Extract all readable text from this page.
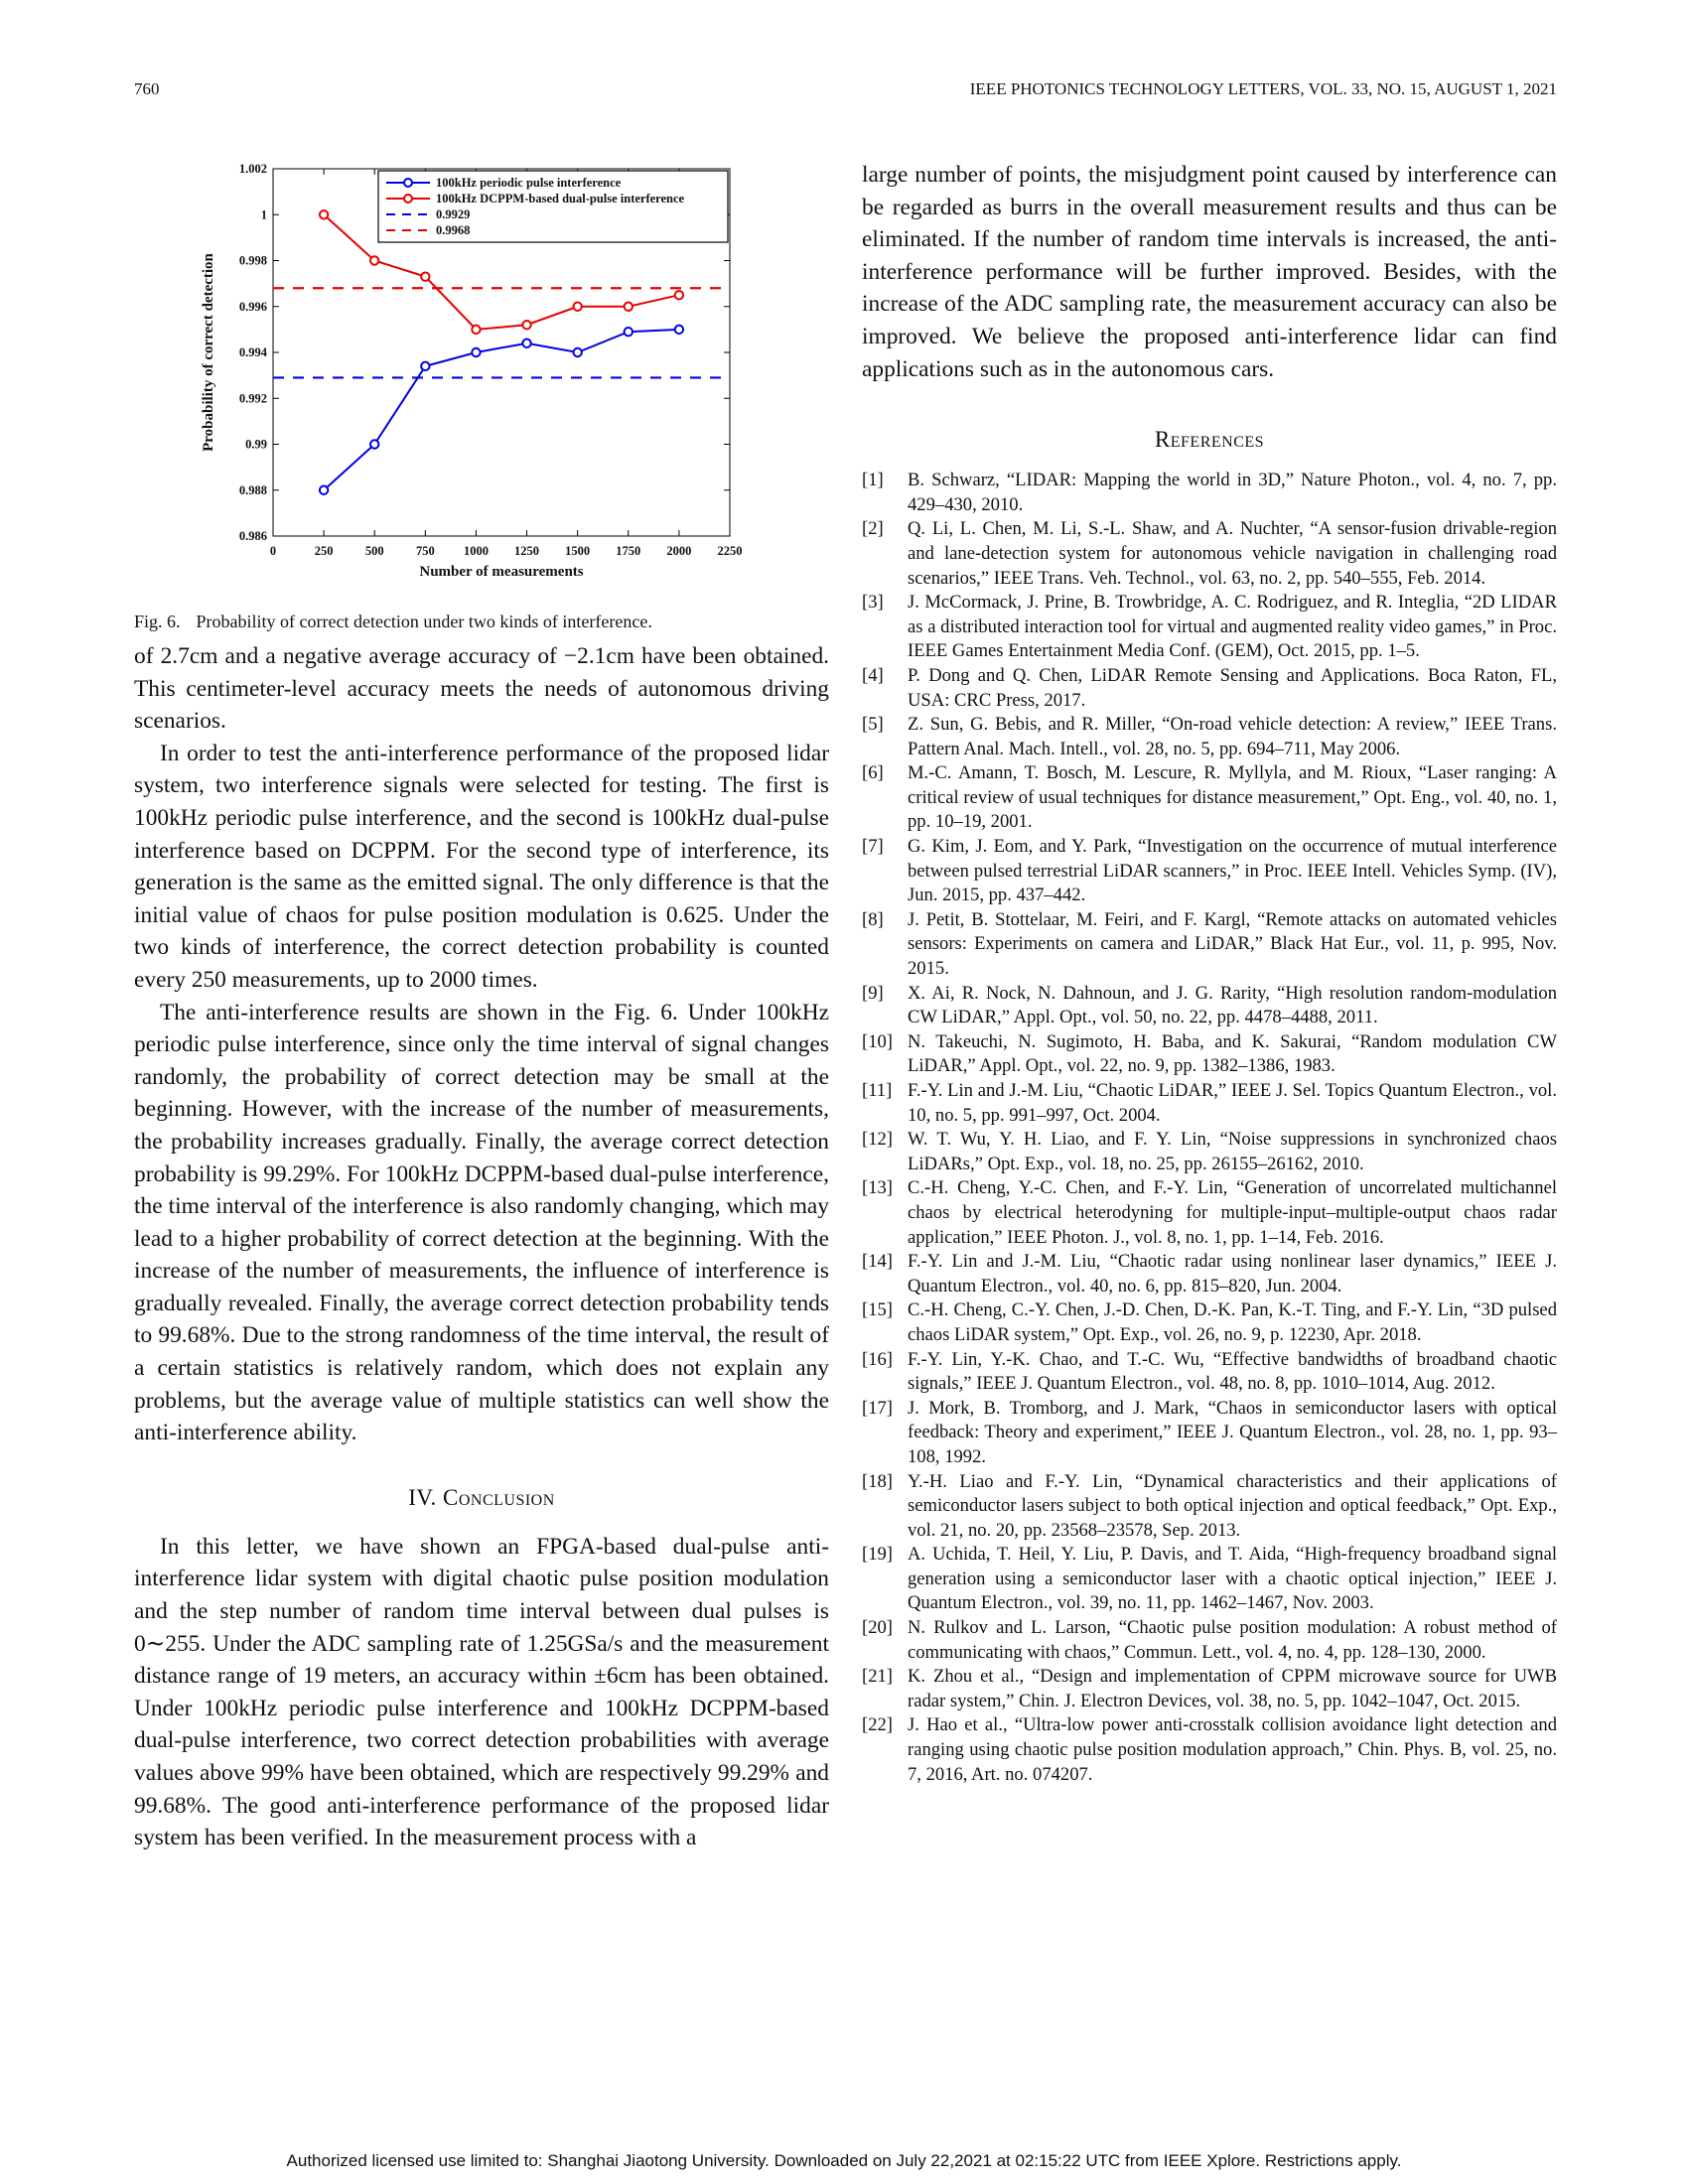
760	IEEE PHOTONICS TECHNOLOGY LETTERS, VOL. 33, NO. 15, AUGUST 1, 2021
0	250	500	750 1000 1250 1500 1750 2000 2250
0.986
0.988
0.99
0.992
0.994
0.996
0.998
1
1.002
Number of measurements
Probability of correct detection
100kHz periodic pulse interference
100kHz DCPPM-based dual-pulse interference
0.9929
0.9968
Fig. 6. Probability of correct detection under two kinds of interference.

of 2.7cm and a negative average accuracy of −2.1cm have been obtained. This centimeter-level accuracy meets the needs of autonomous driving scenarios.

In order to test the anti-interference performance of the proposed lidar system, two interference signals were selected for testing. The first is 100kHz periodic pulse interference, and the second is 100kHz dual-pulse interference based on DCPPM. For the second type of interference, its generation is the same as the emitted signal. The only difference is that the initial value of chaos for pulse position modulation is 0.625. Under the two kinds of interference, the correct detection probability is counted every 250 measurements, up to 2000 times.

The anti-interference results are shown in the Fig. 6. Under 100kHz periodic pulse interference, since only the time interval of signal changes randomly, the probability of correct detection may be small at the beginning. However, with the increase of the number of measurements, the probability increases gradually. Finally, the average correct detection probability is 99.29%. For 100kHz DCPPM-based dual-pulse interference, the time interval of the interference is also randomly changing, which may lead to a higher probability of correct detection at the beginning. With the increase of the number of measurements, the influence of interference is gradually revealed. Finally, the average correct detection probability tends to 99.68%. Due to the strong randomness of the time interval, the result of a certain statistics is relatively random, which does not explain any problems, but the average value of multiple statistics can well show the anti-interference ability.

IV. Conclusion

In this letter, we have shown an FPGA-based dual-pulse anti-interference lidar system with digital chaotic pulse position modulation and the step number of random time interval between dual pulses is 0∼255. Under the ADC sampling rate of 1.25GSa/s and the measurement distance range of 19 meters, an accuracy within ±6cm has been obtained. Under 100kHz periodic pulse interference and 100kHz DCPPM-based dual-pulse interference, two correct detection probabilities with average values above 99% have been obtained, which are respectively 99.29% and 99.68%. The good anti-interference performance of the proposed lidar system has been verified. In the measurement process with a

large number of points, the misjudgment point caused by interference can be regarded as burrs in the overall measurement results and thus can be eliminated. If the number of random time intervals is increased, the anti-interference performance will be further improved. Besides, with the increase of the ADC sampling rate, the measurement accuracy can also be improved. We believe the proposed anti-interference lidar can find applications such as in the autonomous cars.

References
[1]	B. Schwarz, “LIDAR: Mapping the world in 3D,” Nature Photon., vol. 4, no. 7, pp. 429–430, 2010.
[2]	Q. Li, L. Chen, M. Li, S.-L. Shaw, and A. Nuchter, “A sensor-fusion drivable-region and lane-detection system for autonomous vehicle navigation in challenging road scenarios,” IEEE Trans. Veh. Technol., vol. 63, no. 2, pp. 540–555, Feb. 2014.
[3]	J. McCormack, J. Prine, B. Trowbridge, A. C. Rodriguez, and R. Integlia, “2D LIDAR as a distributed interaction tool for virtual and augmented reality video games,” in Proc. IEEE Games Entertainment Media Conf. (GEM), Oct. 2015, pp. 1–5.
[4]	P. Dong and Q. Chen, LiDAR Remote Sensing and Applications. Boca Raton, FL, USA: CRC Press, 2017.
[5]	Z. Sun, G. Bebis, and R. Miller, “On-road vehicle detection: A review,” IEEE Trans. Pattern Anal. Mach. Intell., vol. 28, no. 5, pp. 694–711, May 2006.
[6]	M.-C. Amann, T. Bosch, M. Lescure, R. Myllyla, and M. Rioux, “Laser ranging: A critical review of usual techniques for distance measurement,” Opt. Eng., vol. 40, no. 1, pp. 10–19, 2001.
[7]	G. Kim, J. Eom, and Y. Park, “Investigation on the occurrence of mutual interference between pulsed terrestrial LiDAR scanners,” in Proc. IEEE Intell. Vehicles Symp. (IV), Jun. 2015, pp. 437–442.
[8]	J. Petit, B. Stottelaar, M. Feiri, and F. Kargl, “Remote attacks on automated vehicles sensors: Experiments on camera and LiDAR,” Black Hat Eur., vol. 11, p. 995, Nov. 2015.
[9]	X. Ai, R. Nock, N. Dahnoun, and J. G. Rarity, “High resolution random-modulation CW LiDAR,” Appl. Opt., vol. 50, no. 22, pp. 4478–4488, 2011.
[10] N. Takeuchi, N. Sugimoto, H. Baba, and K. Sakurai, “Random modulation CW LiDAR,” Appl. Opt., vol. 22, no. 9, pp. 1382–1386, 1983.
[11] F.-Y. Lin and J.-M. Liu, “Chaotic LiDAR,” IEEE J. Sel. Topics Quantum Electron., vol. 10, no. 5, pp. 991–997, Oct. 2004.
[12] W. T. Wu, Y. H. Liao, and F. Y. Lin, “Noise suppressions in synchronized chaos LiDARs,” Opt. Exp., vol. 18, no. 25, pp. 26155–26162, 2010.
[13] C.-H. Cheng, Y.-C. Chen, and F.-Y. Lin, “Generation of uncorrelated multichannel chaos by electrical heterodyning for multiple-input–multiple-output chaos radar application,” IEEE Photon. J., vol. 8, no. 1, pp. 1–14, Feb. 2016.
[14] F.-Y. Lin and J.-M. Liu, “Chaotic radar using nonlinear laser dynamics,” IEEE J. Quantum Electron., vol. 40, no. 6, pp. 815–820, Jun. 2004.
[15] C.-H. Cheng, C.-Y. Chen, J.-D. Chen, D.-K. Pan, K.-T. Ting, and F.-Y. Lin, “3D pulsed chaos LiDAR system,” Opt. Exp., vol. 26, no. 9, p. 12230, Apr. 2018.
[16] F.-Y. Lin, Y.-K. Chao, and T.-C. Wu, “Effective bandwidths of broadband chaotic signals,” IEEE J. Quantum Electron., vol. 48, no. 8, pp. 1010–1014, Aug. 2012.
[17] J. Mork, B. Tromborg, and J. Mark, “Chaos in semiconductor lasers with optical feedback: Theory and experiment,” IEEE J. Quantum Electron., vol. 28, no. 1, pp. 93–108, 1992.
[18] Y.-H. Liao and F.-Y. Lin, “Dynamical characteristics and their applications of semiconductor lasers subject to both optical injection and optical feedback,” Opt. Exp., vol. 21, no. 20, pp. 23568–23578, Sep. 2013.
[19] A. Uchida, T. Heil, Y. Liu, P. Davis, and T. Aida, “High-frequency broadband signal generation using a semiconductor laser with a chaotic optical injection,” IEEE J. Quantum Electron., vol. 39, no. 11, pp. 1462–1467, Nov. 2003.
[20] N. Rulkov and L. Larson, “Chaotic pulse position modulation: A robust method of communicating with chaos,” Commun. Lett., vol. 4, no. 4, pp. 128–130, 2000.
[21] K. Zhou et al., “Design and implementation of CPPM microwave source for UWB radar system,” Chin. J. Electron Devices, vol. 38, no. 5, pp. 1042–1047, Oct. 2015.
[22] J. Hao et al., “Ultra-low power anti-crosstalk collision avoidance light detection and ranging using chaotic pulse position modulation approach,” Chin. Phys. B, vol. 25, no. 7, 2016, Art. no. 074207.
Authorized licensed use limited to: Shanghai Jiaotong University. Downloaded on July 22,2021 at 02:15:22 UTC from IEEE Xplore. Restrictions apply.
